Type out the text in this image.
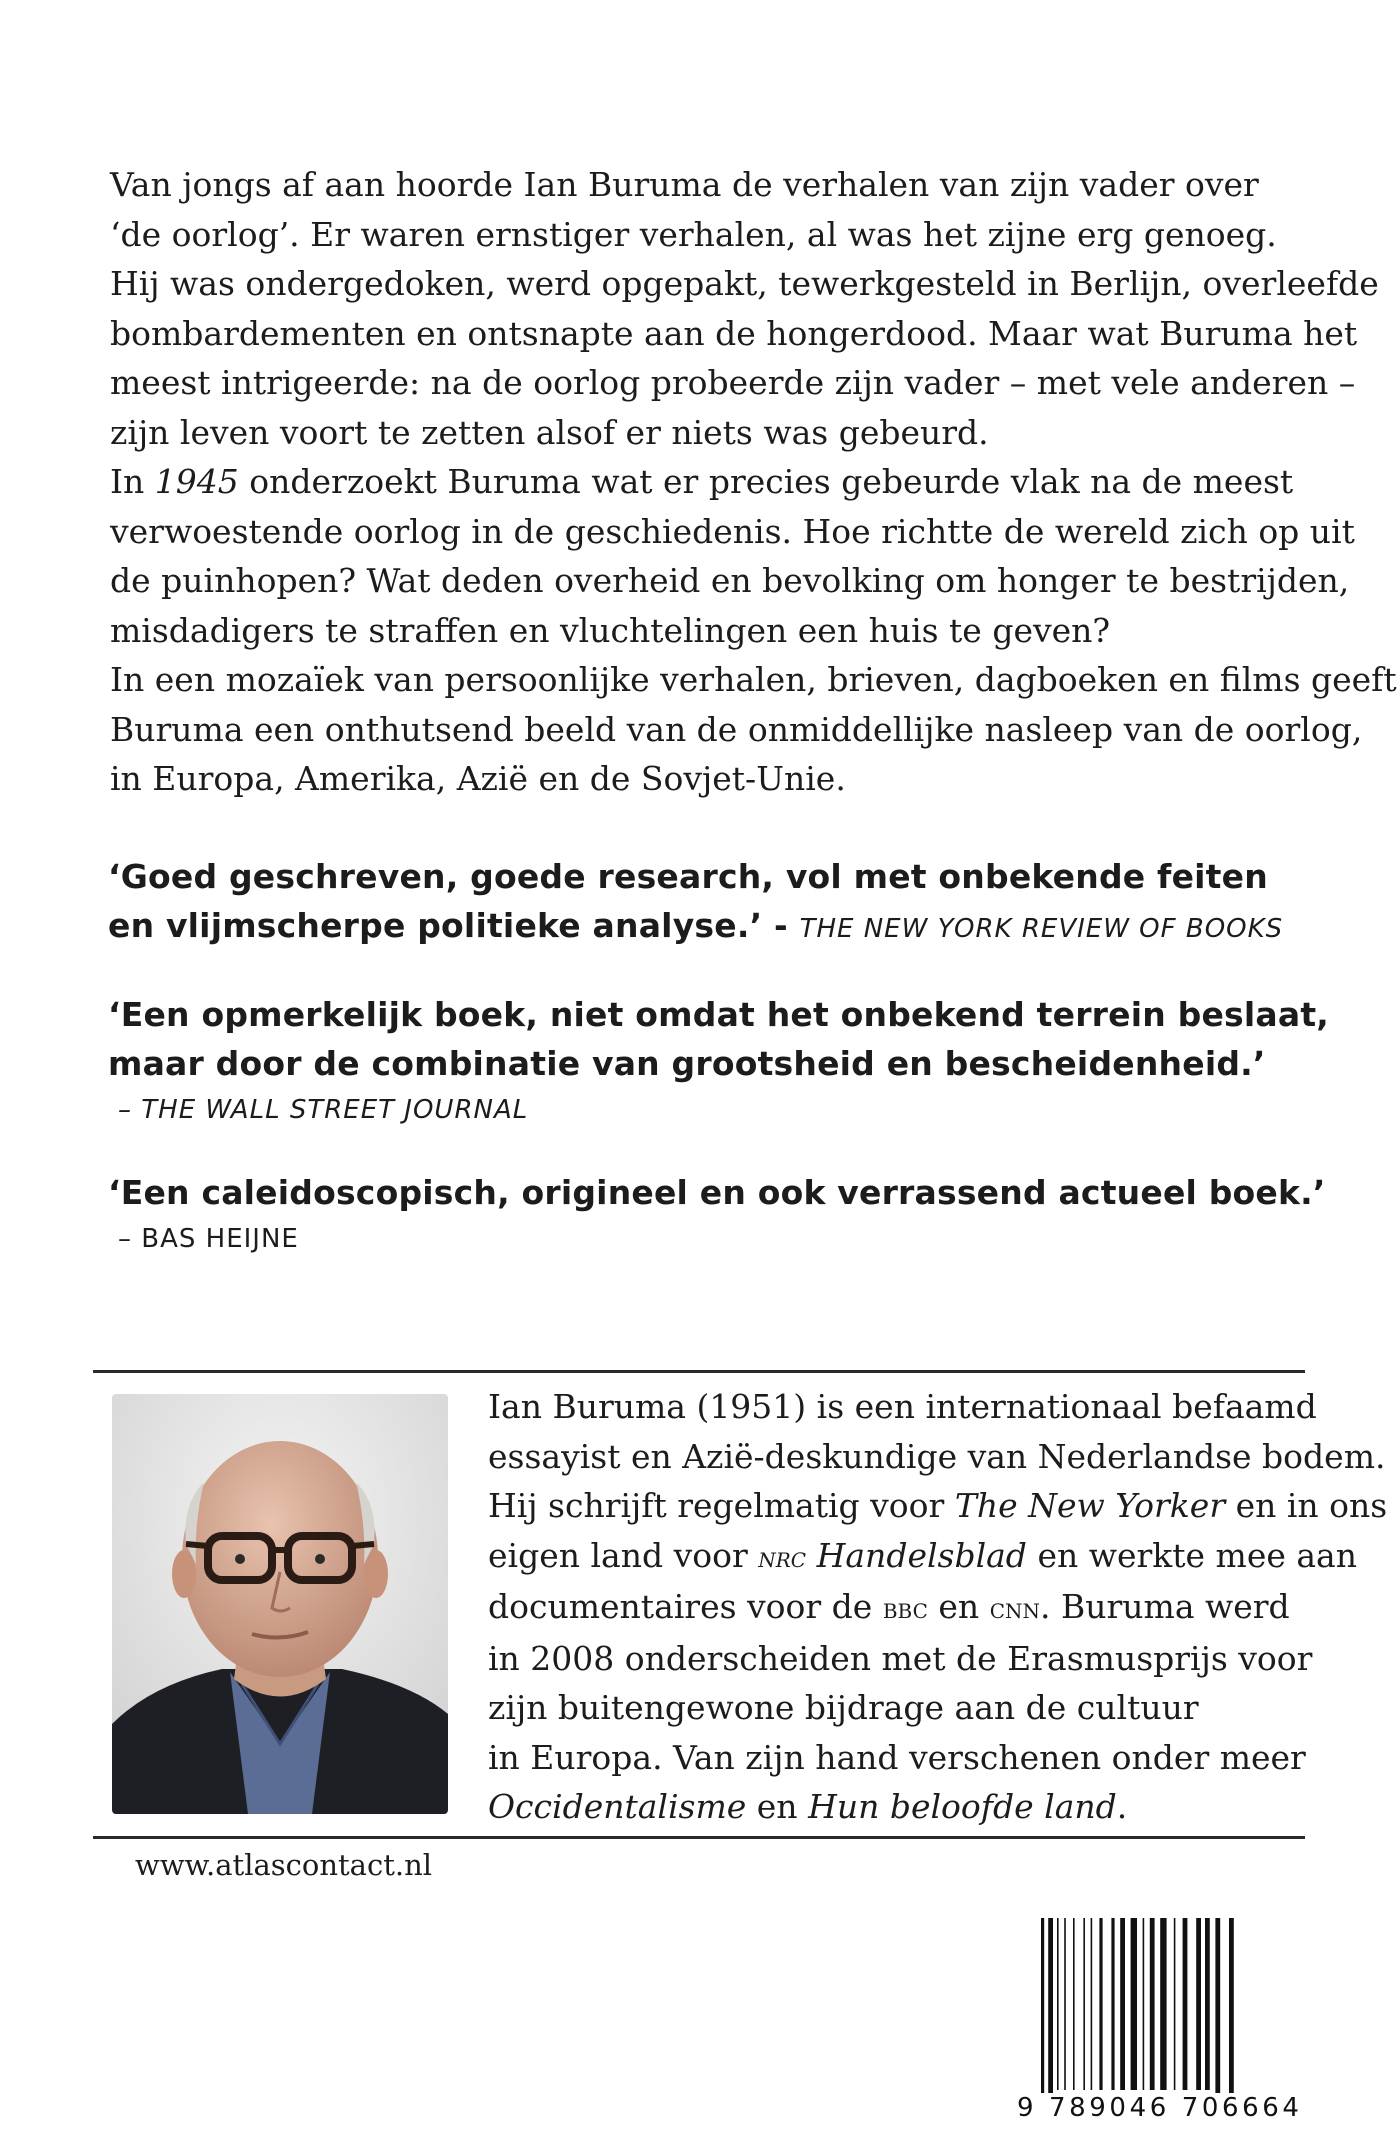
Van jongs af aan hoorde Ian Buruma de verhalen van zijn vader over
‘de oorlog’. Er waren ernstiger verhalen, al was het zijne erg genoeg.
Hij was ondergedoken, werd opgepakt, tewerkgesteld in Berlijn, overleefde
bombardementen en ontsnapte aan de hongerdood. Maar wat Buruma het
meest intrigeerde: na de oorlog probeerde zijn vader – met vele anderen –
zijn leven voort te zetten alsof er niets was gebeurd.
In 1945 onderzoekt Buruma wat er precies gebeurde vlak na de meest
verwoestende oorlog in de geschiedenis. Hoe richtte de wereld zich op uit
de puinhopen? Wat deden overheid en bevolking om honger te bestrijden,
misdadigers te straffen en vluchtelingen een huis te geven?
In een mozaïek van persoonlijke verhalen, brieven, dagboeken en films geeft
Buruma een onthutsend beeld van de onmiddellijke nasleep van de oorlog,
in Europa, Amerika, Azië en de Sovjet-Unie.
‘Goed geschreven, goede research, vol met onbekende feiten
en vlijmscherpe politieke analyse.’ - THE NEW YORK REVIEW OF BOOKS
‘Een opmerkelijk boek, niet omdat het onbekend terrein beslaat,
maar door de combinatie van grootsheid en bescheidenheid.’
– THE WALL STREET JOURNAL
‘Een caleidoscopisch, origineel en ook verrassend actueel boek.’
– BAS HEIJNE
Ian Buruma (1951) is een internationaal befaamd
essayist en Azië-deskundige van Nederlandse bodem.
Hij schrijft regelmatig voor The New Yorker en in ons
eigen land voor nrc Handelsblad en werkte mee aan
documentaires voor de bbc en cnn. Buruma werd
in 2008 onderscheiden met de Erasmusprijs voor
zijn buitengewone bijdrage aan de cultuur
in Europa. Van zijn hand verschenen onder meer
Occidentalisme en Hun beloofde land.
www.atlascontact.nl
9 789046 706664
